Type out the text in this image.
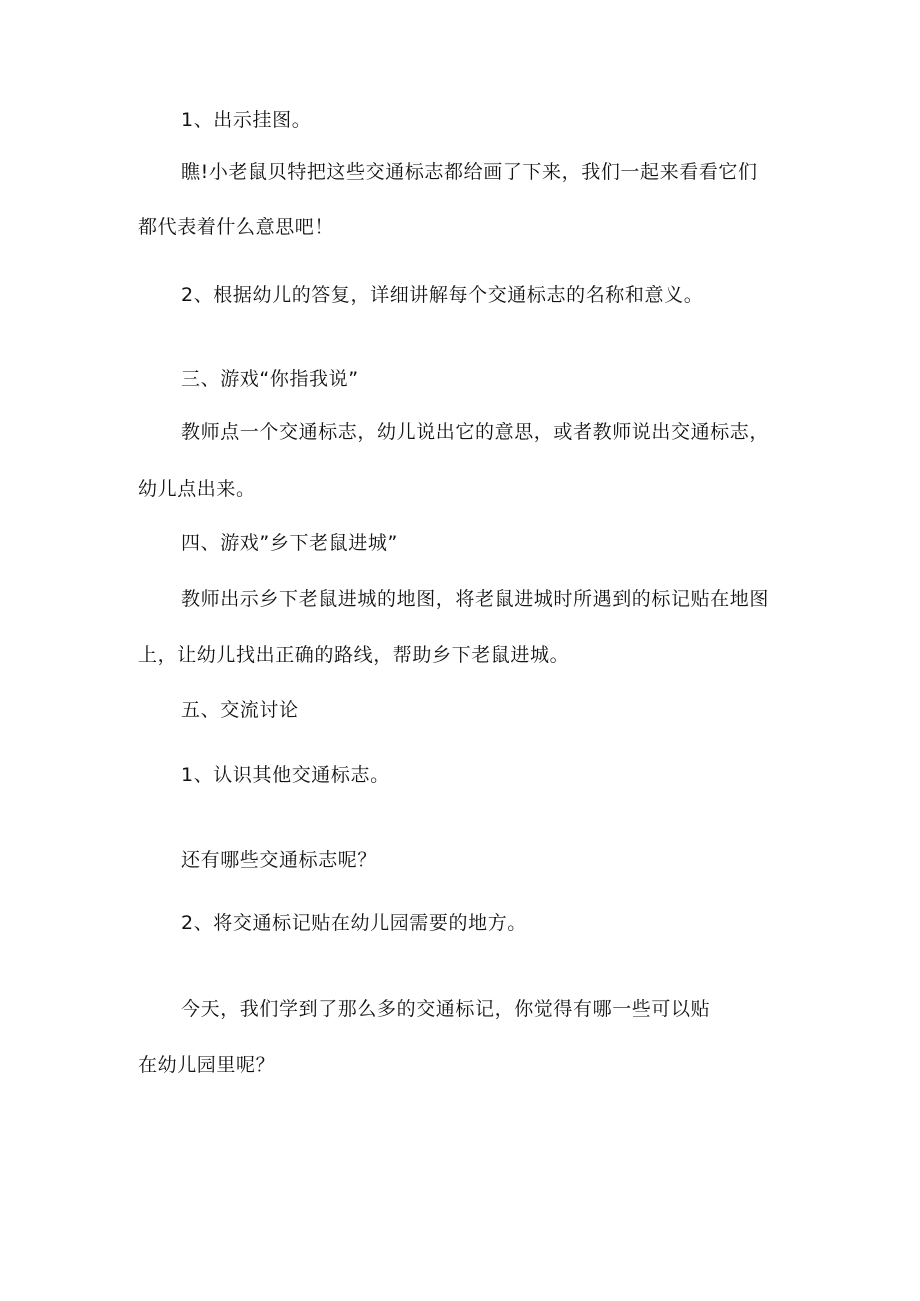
1、出示挂图。
瞧!小老鼠贝特把这些交通标志都给画了下来，我们一起来看看它们
都代表着什么意思吧！
2、根据幼儿的答复，详细讲解每个交通标志的名称和意义。
三、游戏“你指我说”
教师点一个交通标志，幼儿说出它的意思，或者教师说出交通标志，
幼儿点出来。
四、游戏”乡下老鼠进城”
教师出示乡下老鼠进城的地图，将老鼠进城时所遇到的标记贴在地图
上，让幼儿找出正确的路线，帮助乡下老鼠进城。
五、交流讨论
1、认识其他交通标志。
还有哪些交通标志呢？
2、将交通标记贴在幼儿园需要的地方。
今天，我们学到了那么多的交通标记，你觉得有哪一些可以贴
在幼儿园里呢？
